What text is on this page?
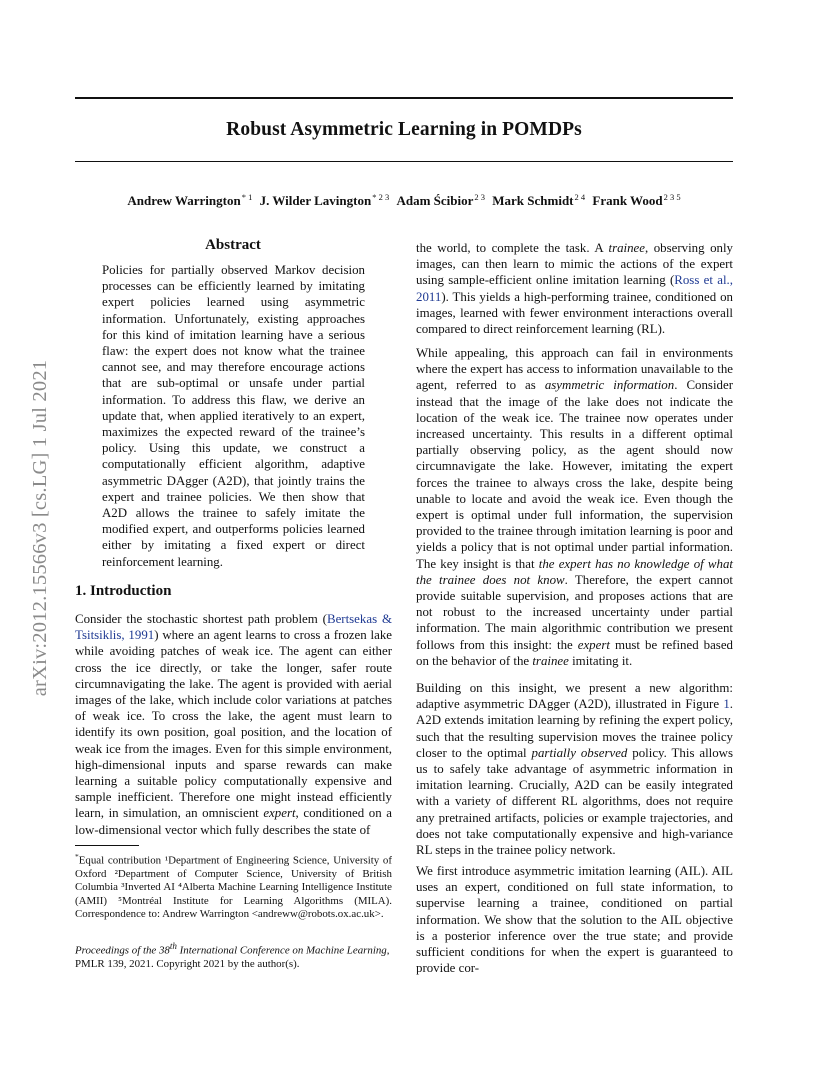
Robust Asymmetric Learning in POMDPs
Andrew Warrington$^{* 1}$ J. Wilder Lavington$^{* 2 3}$ Adam Ścibior$^{2 3}$ Mark Schmidt$^{2 4}$ Frank Wood$^{2 3 5}$
arXiv:2012.15566v3 [cs.LG] 1 Jul 2021
Abstract

Policies for partially observed Markov decision processes can be efficiently learned by imitating expert policies learned using asymmetric information. Unfortunately, existing approaches for this kind of imitation learning have a serious flaw: the expert does not know what the trainee cannot see, and may therefore encourage actions that are sub-optimal or unsafe under partial information. To address this flaw, we derive an update that, when applied iteratively to an expert, maximizes the expected reward of the trainee’s policy. Using this update, we construct a computationally efficient algorithm, adaptive asymmetric DAgger (A2D), that jointly trains the expert and trainee policies. We then show that A2D allows the trainee to safely imitate the modified expert, and outperforms policies learned either by imitating a fixed expert or direct reinforcement learning.

1. Introduction

Consider the stochastic shortest path problem (Bertsekas & Tsitsiklis, 1991) where an agent learns to cross a frozen lake while avoiding patches of weak ice. The agent can either cross the ice directly, or take the longer, safer route circumnavigating the lake. The agent is provided with aerial images of the lake, which include color variations at patches of weak ice. To cross the lake, the agent must learn to identify its own position, goal position, and the location of weak ice from the images. Even for this simple environment, high-dimensional inputs and sparse rewards can make learning a suitable policy computationally expensive and sample inefficient. Therefore one might instead efficiently learn, in simulation, an omniscient expert, conditioned on a low-dimensional vector which fully describes the state of

*Equal contribution ¹Department of Engineering Science, University of Oxford ²Department of Computer Science, University of British Columbia ³Inverted AI ⁴Alberta Machine Learning Intelligence Institute (AMII) ⁵Montréal Institute for Learning Algorithms (MILA). Correspondence to: Andrew Warrington <andreww@robots.ox.ac.uk>.
Proceedings of the 38th International Conference on Machine Learning, PMLR 139, 2021. Copyright 2021 by the author(s).

the world, to complete the task. A trainee, observing only images, can then learn to mimic the actions of the expert using sample-efficient online imitation learning (Ross et al., 2011). This yields a high-performing trainee, conditioned on images, learned with fewer environment interactions overall compared to direct reinforcement learning (RL).

While appealing, this approach can fail in environments where the expert has access to information unavailable to the agent, referred to as asymmetric information. Consider instead that the image of the lake does not indicate the location of the weak ice. The trainee now operates under increased uncertainty. This results in a different optimal partially observing policy, as the agent should now circumnavigate the lake. However, imitating the expert forces the trainee to always cross the lake, despite being unable to locate and avoid the weak ice. Even though the expert is optimal under full information, the supervision provided to the trainee through imitation learning is poor and yields a policy that is not optimal under partial information. The key insight is that the expert has no knowledge of what the trainee does not know. Therefore, the expert cannot provide suitable supervision, and proposes actions that are not robust to the increased uncertainty under partial information. The main algorithmic contribution we present follows from this insight: the expert must be refined based on the behavior of the trainee imitating it.

Building on this insight, we present a new algorithm: adaptive asymmetric DAgger (A2D), illustrated in Figure 1. A2D extends imitation learning by refining the expert policy, such that the resulting supervision moves the trainee policy closer to the optimal partially observed policy. This allows us to safely take advantage of asymmetric information in imitation learning. Crucially, A2D can be easily integrated with a variety of different RL algorithms, does not require any pretrained artifacts, policies or example trajectories, and does not take computationally expensive and high-variance RL steps in the trainee policy network.

We first introduce asymmetric imitation learning (AIL). AIL uses an expert, conditioned on full state information, to supervise learning a trainee, conditioned on partial information. We show that the solution to the AIL objective is a posterior inference over the true state; and provide sufficient conditions for when the expert is guaranteed to provide cor-
